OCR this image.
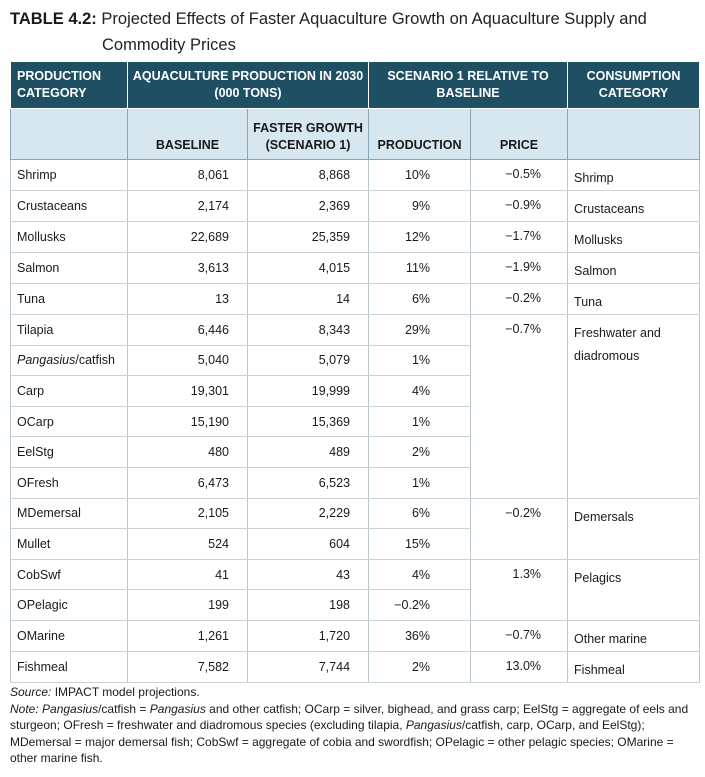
TABLE 4.2: Projected Effects of Faster Aquaculture Growth on Aquaculture Supply and
Commodity Prices
PRODUCTION CATEGORY	AQUACULTURE PRODUCTION IN 2030 (000 TONS)		SCENARIO 1 RELATIVE TO BASELINE		CONSUMPTION CATEGORY
	BASELINE	FASTER GROWTH (SCENARIO 1)	PRODUCTION	PRICE	
Shrimp	8,061	8,868	10%	−0.5%	Shrimp
Crustaceans	2,174	2,369	9%	−0.9%	Crustaceans
Mollusks	22,689	25,359	12%	−1.7%	Mollusks
Salmon	3,613	4,015	11%	−1.9%	Salmon
Tuna	13	14	6%	−0.2%	Tuna
Tilapia	6,446	8,343	29%	−0.7%	Freshwater and diadromous
Pangasius/catfish	5,040	5,079	1%		
Carp	19,301	19,999	4%		
OCarp	15,190	15,369	1%		
EelStg	480	489	2%		
OFresh	6,473	6,523	1%		
MDemersal	2,105	2,229	6%	−0.2%	Demersals
Mullet	524	604	15%		
CobSwf	41	43	4%	1.3%	Pelagics
OPelagic	199	198	−0.2%		
OMarine	1,261	1,720	36%	−0.7%	Other marine
Fishmeal	7,582	7,744	2%	13.0%	Fishmeal
Source: IMPACT model projections.
Note: Pangasius/catfish = Pangasius and other catfish; OCarp = silver, bighead, and grass carp; EelStg = aggregate of eels and sturgeon; OFresh = freshwater and diadromous species (excluding tilapia, Pangasius/catfish, carp, OCarp, and EelStg); MDemersal = major demersal fish; CobSwf = aggregate of cobia and swordfish; OPelagic = other pelagic species; OMarine = other marine fish.
